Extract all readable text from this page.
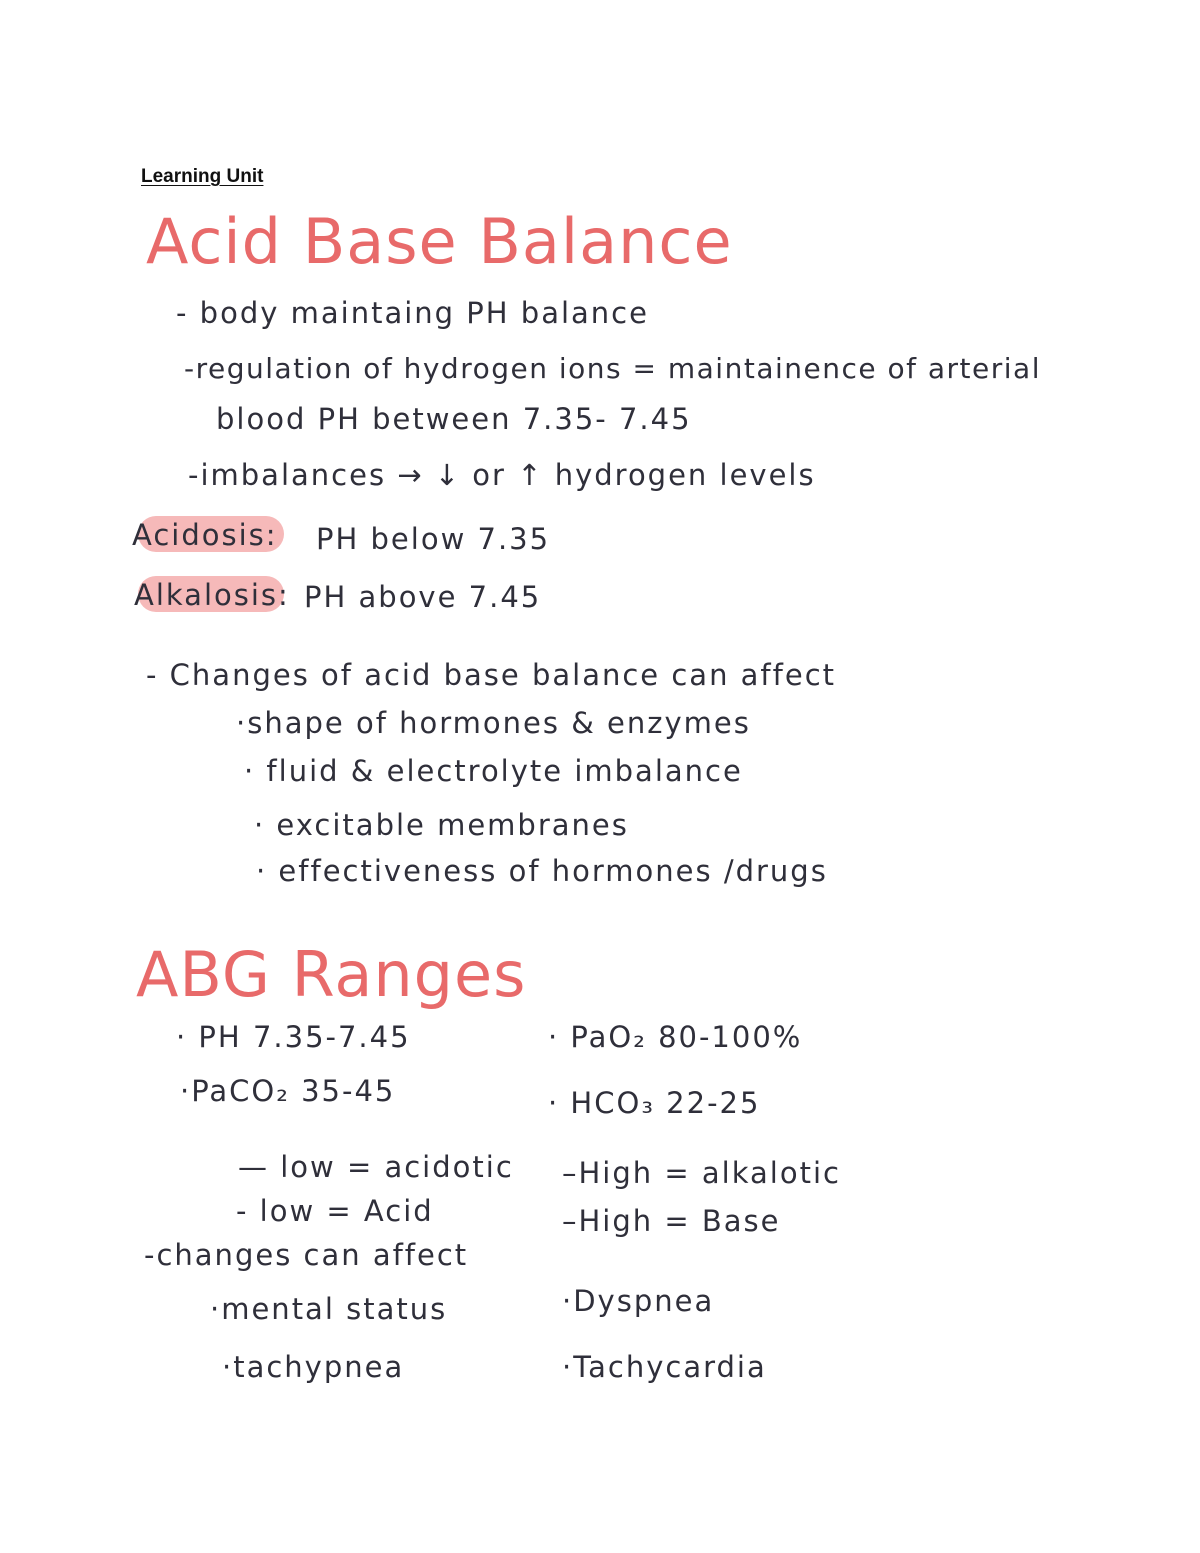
Learning Unit
Acid Base Balance
- body maintaing PH balance
-regulation of hydrogen ions = maintainence of arterial
blood PH between 7.35- 7.45
-imbalances → ↓ or ↑ hydrogen levels
Acidosis: PH below 7.35
Alkalosis: PH above 7.45
- Changes of acid base balance can affect
·shape of hormones & enzymes
· fluid & electrolyte imbalance
· excitable membranes
· effectiveness of hormones /drugs
ABG Ranges
· PH 7.35-7.45	· PaO₂ 80-100%
·PaCO₂ 35-45	· HCO₃ 22-25
— low = acidotic –High = alkalotic
- low = Acid	–High = Base
-changes can affect
·mental status	·Dyspnea
·tachypnea	·Tachycardia
